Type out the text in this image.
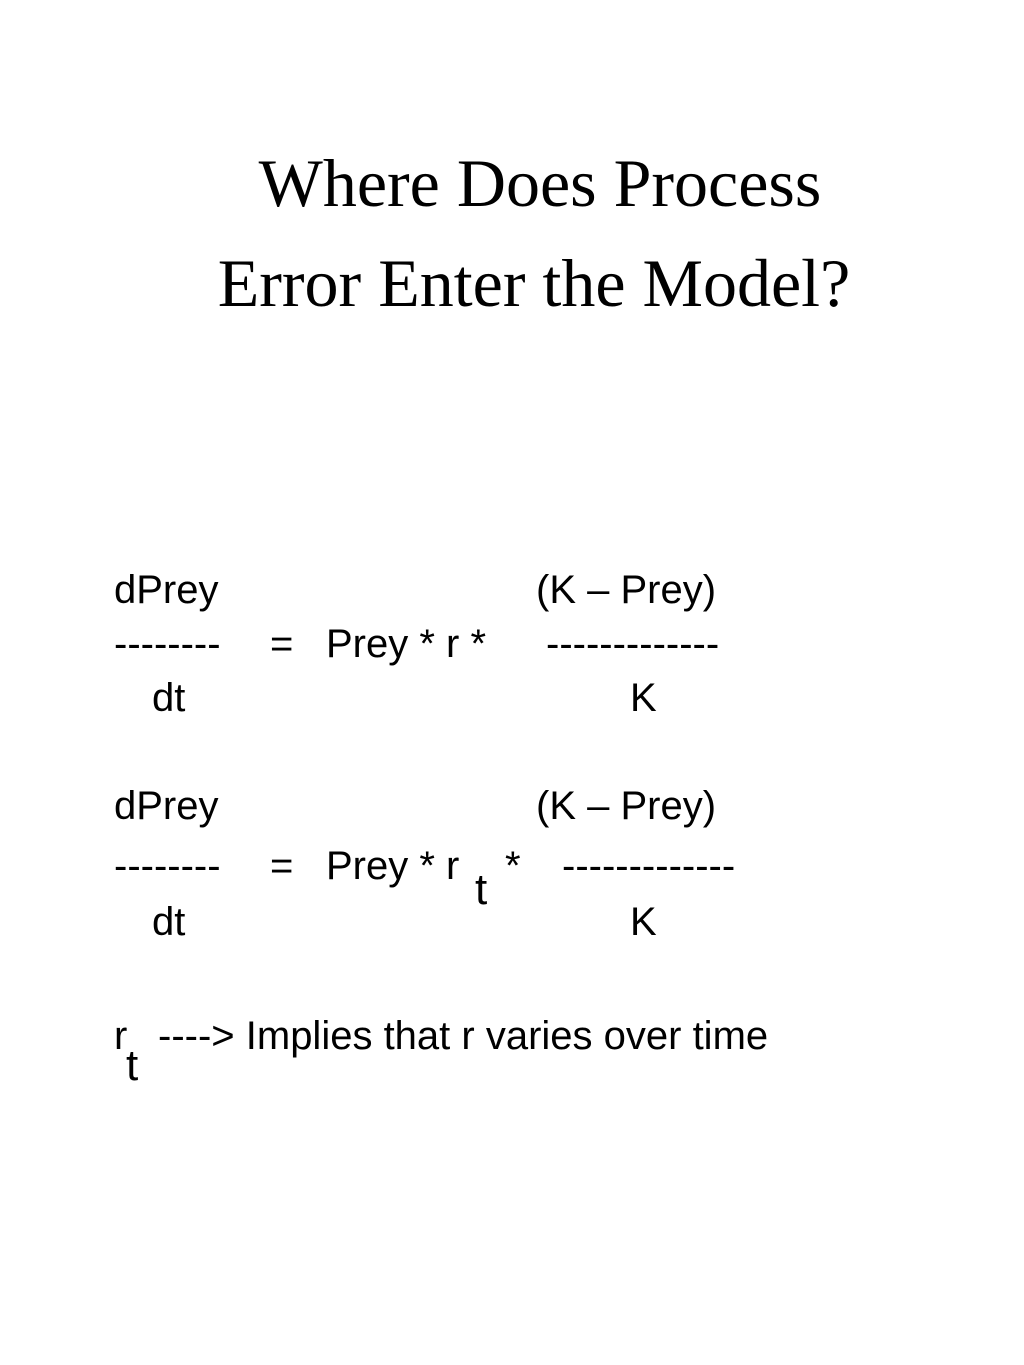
Where Does Process
Error Enter the Model?
dPrey	(K – Prey)
-------- = Prey * r * -------------
dt	K
dPrey	(K – Prey)
-------- = Prey * r t * -------------
dt	K
r
t
----> Implies that r varies over time
